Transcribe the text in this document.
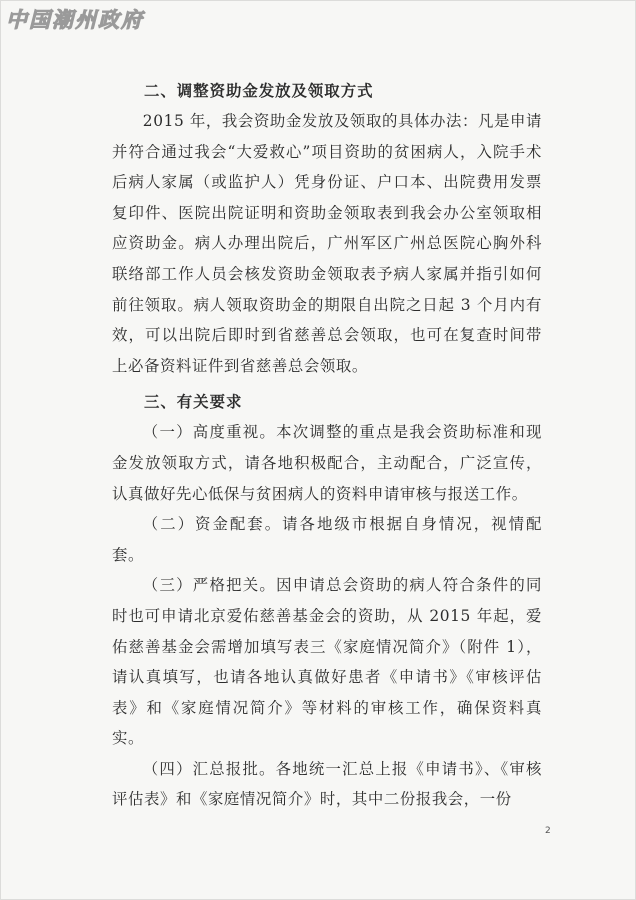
中国潮州政府
二、调整资助金发放及领取方式

2015 年，我会资助金发放及领取的具体办法：凡是申请并符合通过我会“大爱救心”项目资助的贫困病人，入院手术后病人家属（或监护人）凭身份证、户口本、出院费用发票复印件、医院出院证明和资助金领取表到我会办公室领取相应资助金。病人办理出院后，广州军区广州总医院心胸外科联络部工作人员会核发资助金领取表予病人家属并指引如何前往领取。病人领取资助金的期限自出院之日起 3 个月内有效，可以出院后即时到省慈善总会领取，也可在复查时间带上必备资料证件到省慈善总会领取。

三、有关要求

（一）高度重视。本次调整的重点是我会资助标准和现金发放领取方式，请各地积极配合，主动配合，广泛宣传，认真做好先心低保与贫困病人的资料申请审核与报送工作。

（二）资金配套。请各地级市根据自身情况，视情配套。

（三）严格把关。因申请总会资助的病人符合条件的同时也可申请北京爱佑慈善基金会的资助，从 2015 年起，爱佑慈善基金会需增加填写表三《家庭情况简介》（附件 1），请认真填写，也请各地认真做好患者《申请书》《审核评估表》和《家庭情况简介》等材料的审核工作，确保资料真实。

（四）汇总报批。各地统一汇总上报《申请书》、《审核评估表》和《家庭情况简介》时，其中二份报我会，一份

2
